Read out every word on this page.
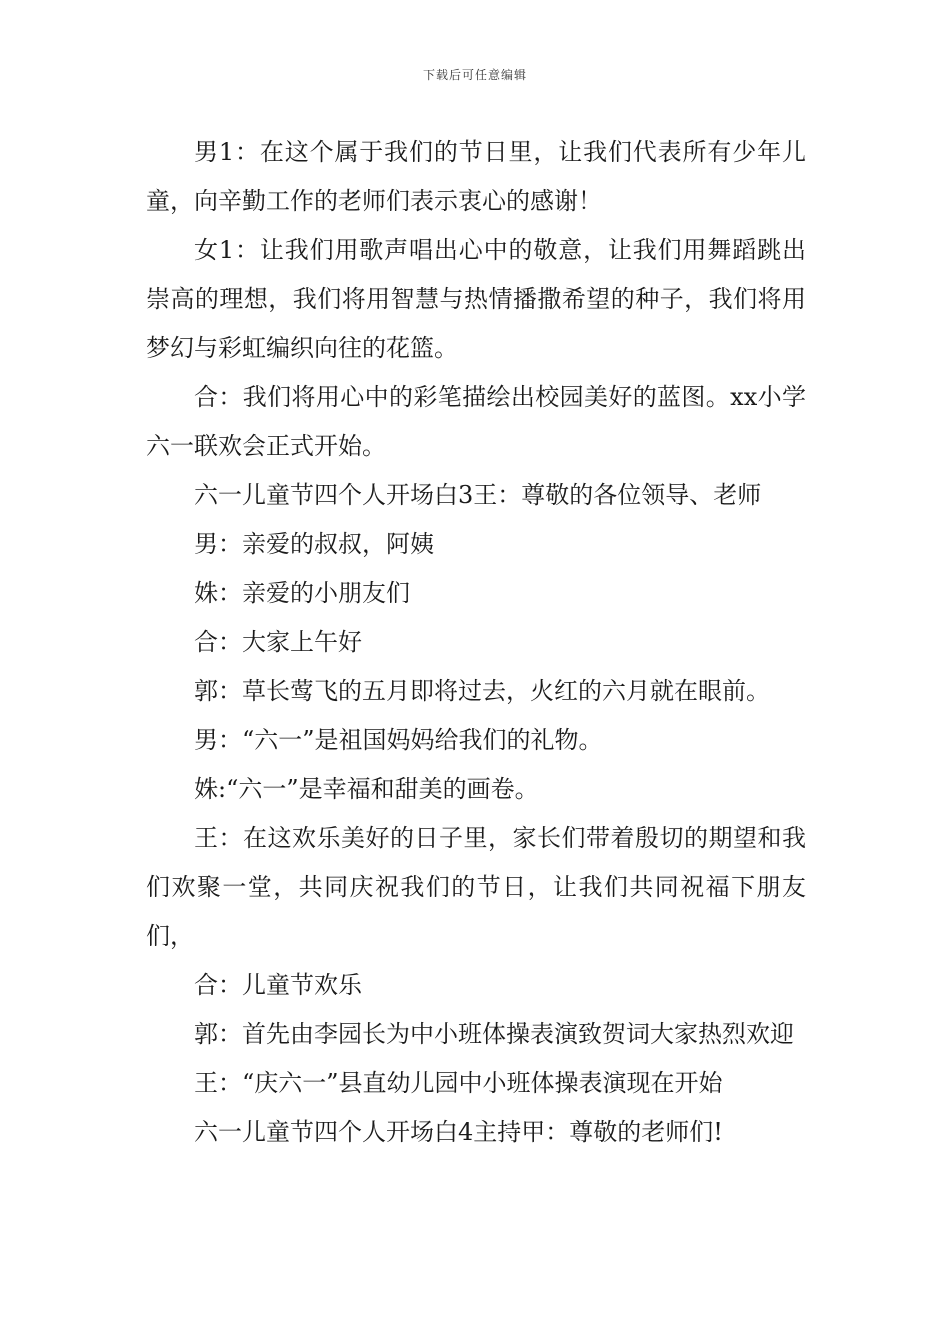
下载后可任意编辑

男1：在这个属于我们的节日里，让我们代表所有少年儿童，向辛勤工作的老师们表示衷心的感谢！

女1：让我们用歌声唱出心中的敬意，让我们用舞蹈跳出崇高的理想，我们将用智慧与热情播撒希望的种子，我们将用梦幻与彩虹编织向往的花篮。

合：我们将用心中的彩笔描绘出校园美好的蓝图。xx小学六一联欢会正式开始。

六一儿童节四个人开场白3王：尊敬的各位领导、老师

男：亲爱的叔叔，阿姨

姝：亲爱的小朋友们

合：大家上午好

郭：草长莺飞的五月即将过去，火红的六月就在眼前。

男：“六一”是祖国妈妈给我们的礼物。

姝:“六一”是幸福和甜美的画卷。

王：在这欢乐美好的日子里，家长们带着殷切的期望和我们欢聚一堂，共同庆祝我们的节日，让我们共同祝福下朋友们，

合：儿童节欢乐

郭：首先由李园长为中小班体操表演致贺词大家热烈欢迎

王：“庆六一”县直幼儿园中小班体操表演现在开始

六一儿童节四个人开场白4主持甲：尊敬的老师们!
